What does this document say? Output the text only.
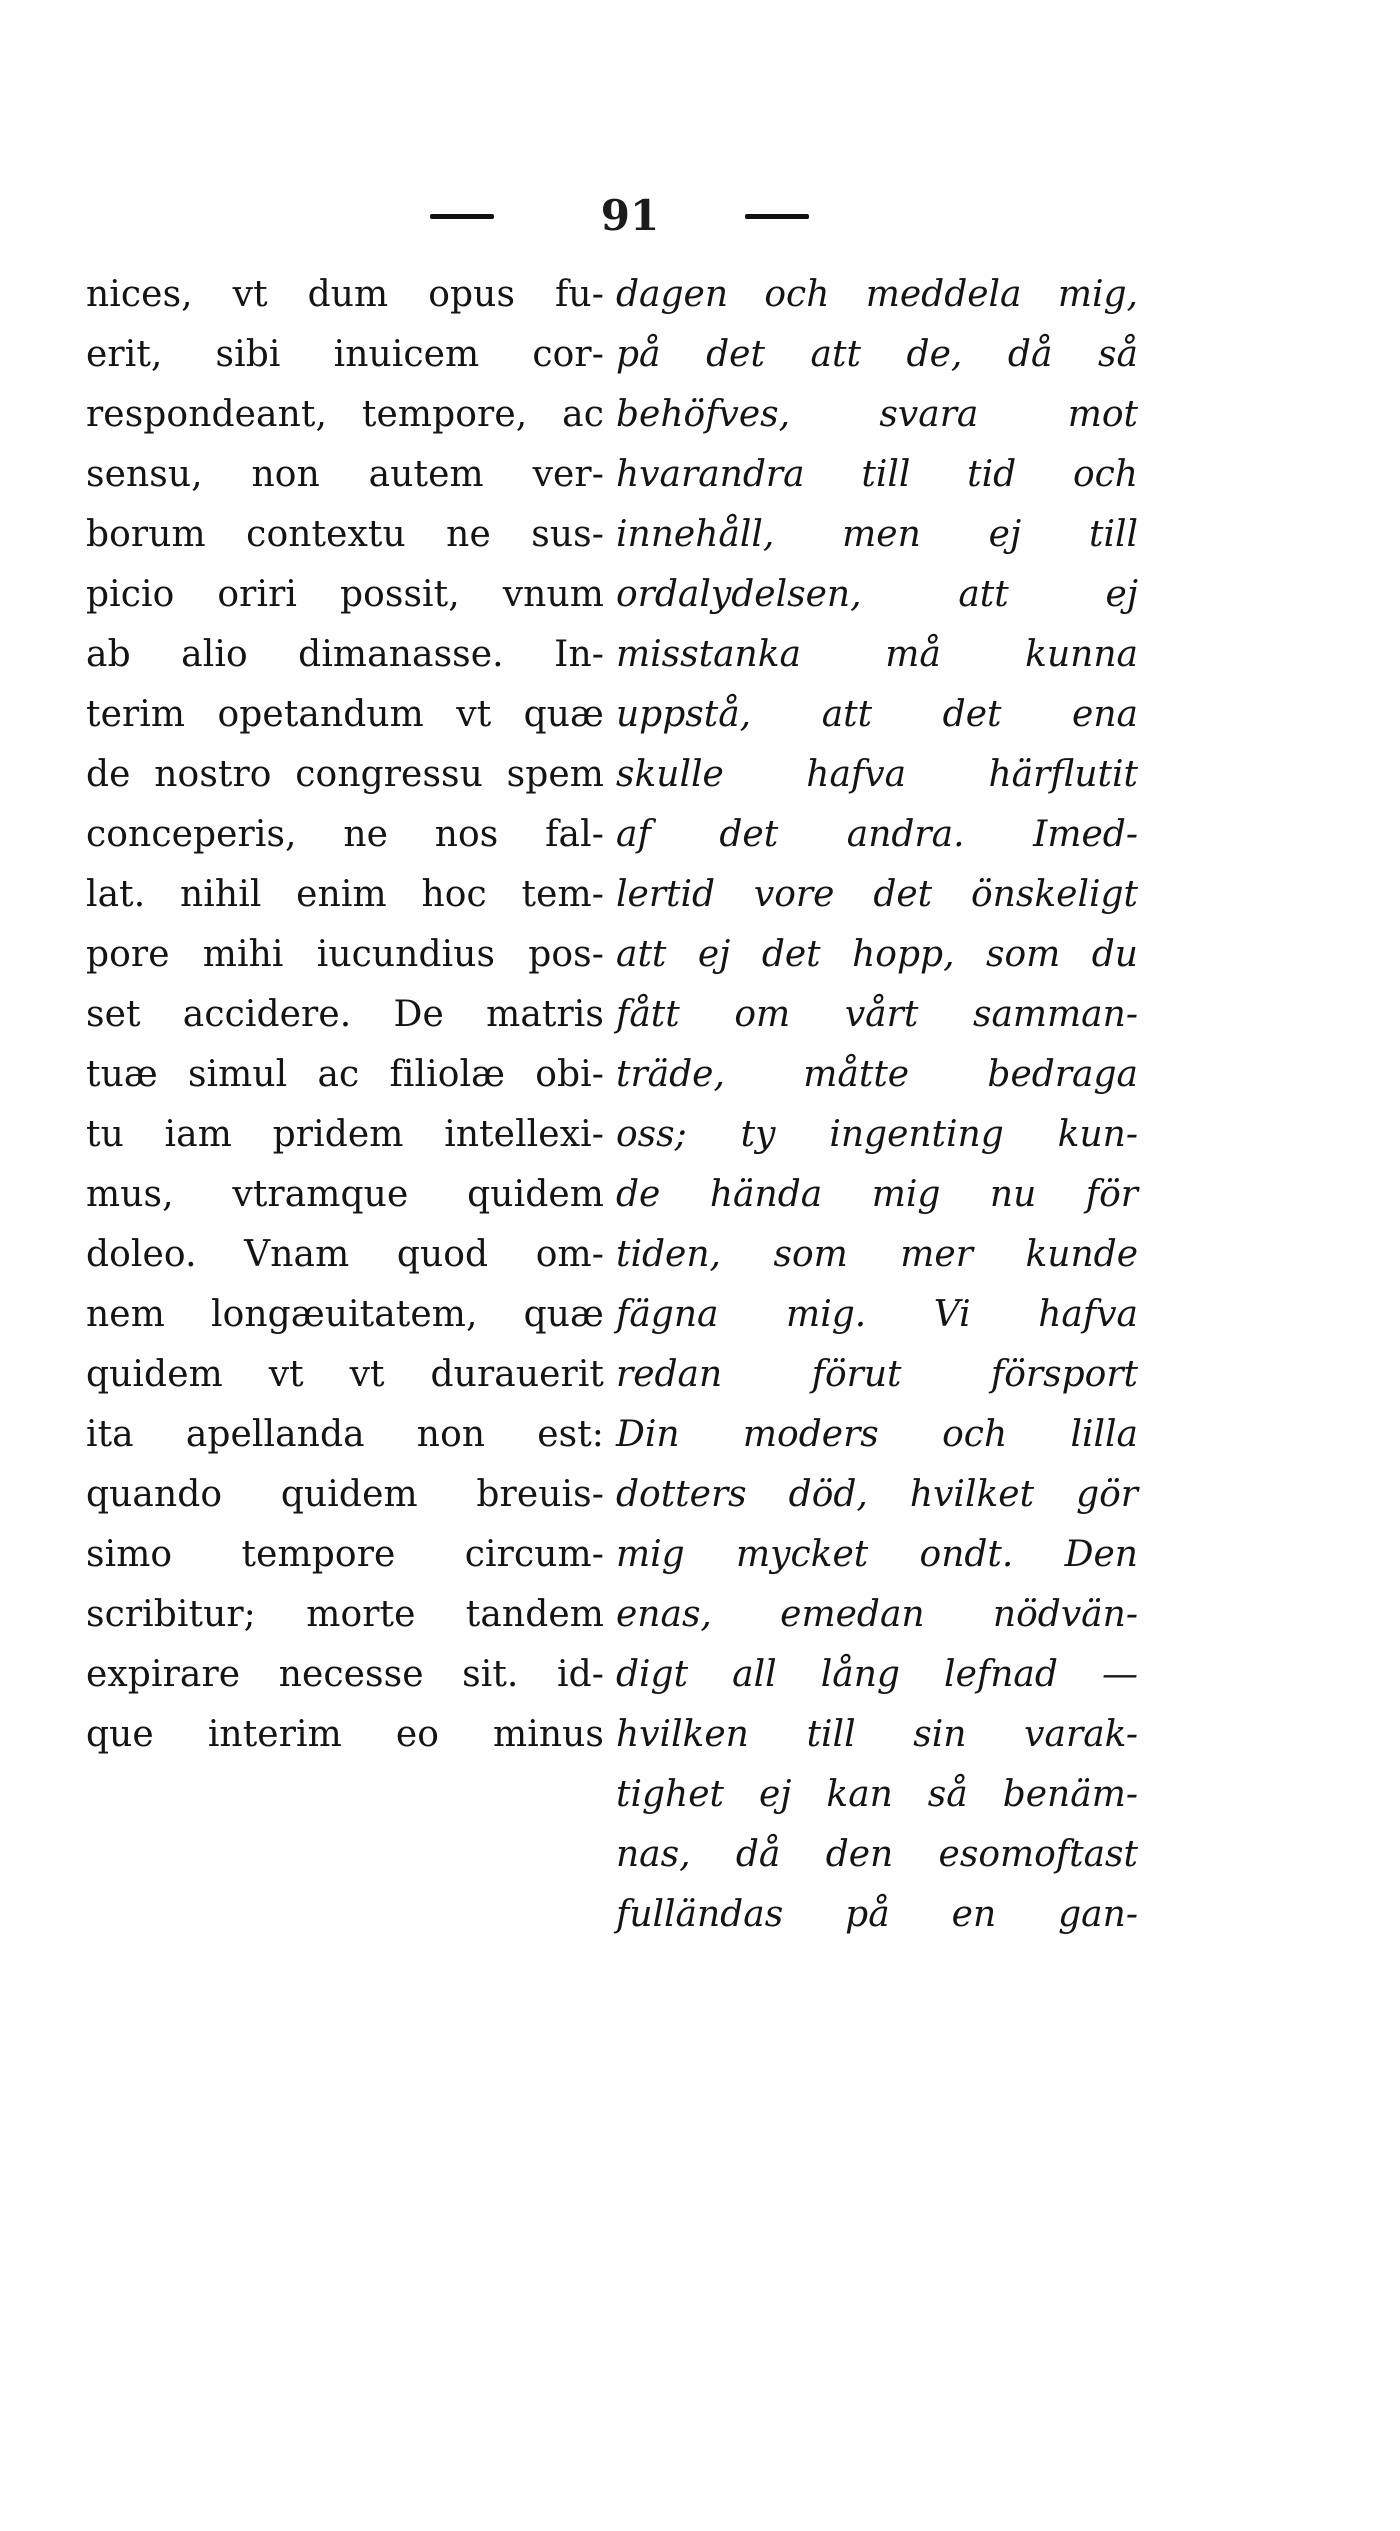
91
nices, vt dum opus fu-
erit, sibi inuicem cor-
respondeant, tempore, ac
sensu, non autem ver-
borum contextu ne sus-
picio oriri possit, vnum
ab alio dimanasse. In-
terim opetandum vt quæ
de nostro congressu spem
conceperis, ne nos fal-
lat. nihil enim hoc tem-
pore mihi iucundius pos-
set accidere. De matris
tuæ simul ac filiolæ obi-
tu iam pridem intellexi-
mus, vtramque quidem
doleo. Vnam quod om-
nem longæuitatem, quæ
quidem vt vt durauerit
ita apellanda non est:
quando quidem breuis-
simo tempore circum-
scribitur; morte tandem
expirare necesse sit. id-
que interim eo minus
dagen och meddela mig,
på det att de, då så
behöfves, svara mot
hvarandra till tid och
innehåll, men ej till
ordalydelsen, att ej
misstanka må kunna
uppstå, att det ena
skulle hafva härflutit
af det andra. Imed-
lertid vore det önskeligt
att ej det hopp, som du
fått om vårt samman-
träde, måtte bedraga
oss; ty ingenting kun-
de hända mig nu för
tiden, som mer kunde
fägna mig. Vi hafva
redan förut försport
Din moders och lilla
dotters död, hvilket gör
mig mycket ondt. Den
enas, emedan nödvän-
digt all lång lefnad —
hvilken till sin varak-
tighet ej kan så benäm-
nas, då den esomoftast
fulländas på en gan-
